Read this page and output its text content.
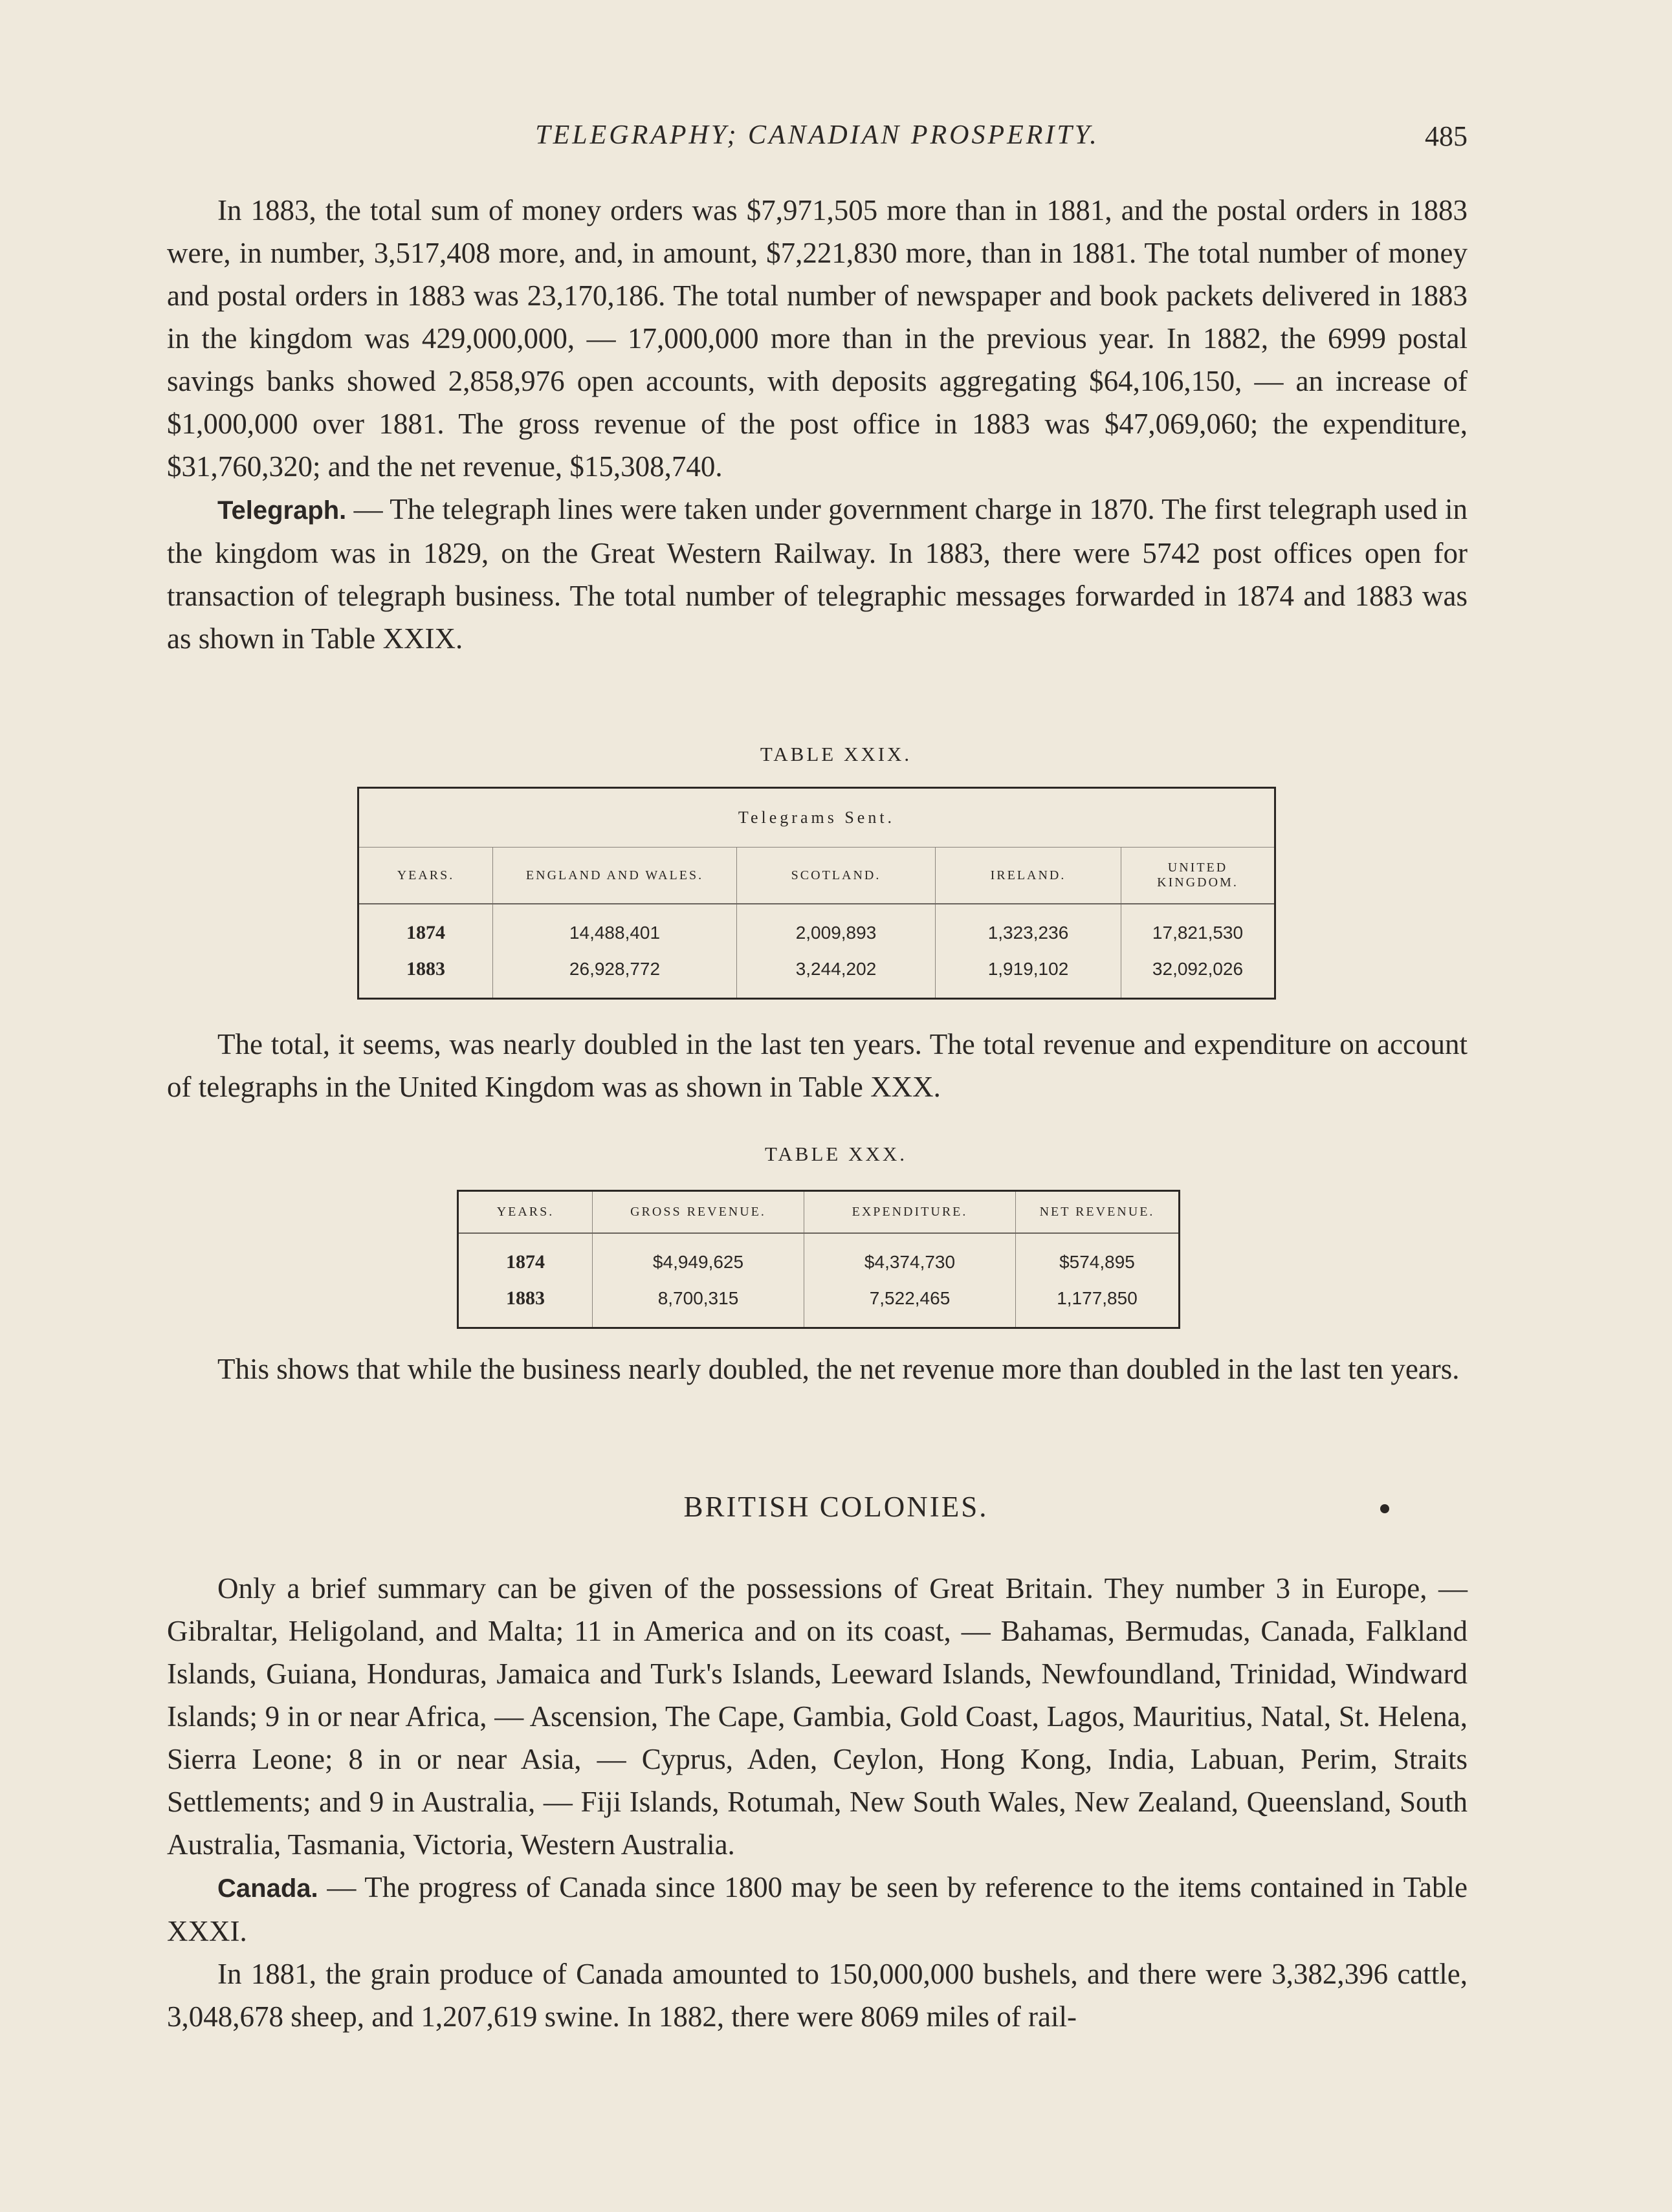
TELEGRAPHY; CANADIAN PROSPERITY.	485

In 1883, the total sum of money orders was $7,971,505 more than in 1881, and the postal orders in 1883 were, in number, 3,517,408 more, and, in amount, $7,221,830 more, than in 1881. The total number of money and postal orders in 1883 was 23,170,186. The total number of newspaper and book packets delivered in 1883 in the kingdom was 429,000,000, — 17,000,000 more than in the previous year. In 1882, the 6999 postal savings banks showed 2,858,976 open accounts, with deposits aggregating $64,106,150, — an increase of $1,000,000 over 1881. The gross revenue of the post office in 1883 was $47,069,060; the expenditure, $31,760,320; and the net revenue, $15,308,740.

Telegraph. — The telegraph lines were taken under government charge in 1870. The first telegraph used in the kingdom was in 1829, on the Great Western Railway. In 1883, there were 5742 post offices open for transaction of telegraph business. The total number of telegraphic messages forwarded in 1874 and 1883 was as shown in Table XXIX.

TABLE XXIX.
Telegrams Sent.				
YEARS.	ENGLAND AND WALES.	SCOTLAND.	IRELAND.	UNITED KINGDOM.
1874	14,488,401	2,009,893	1,323,236	17,821,530
1883	26,928,772	3,244,202	1,919,102	32,092,026

The total, it seems, was nearly doubled in the last ten years. The total revenue and expenditure on account of telegraphs in the United Kingdom was as shown in Table XXX.

TABLE XXX.
YEARS.	GROSS REVENUE.	EXPENDITURE.	NET REVENUE.
1874	$4,949,625	$4,374,730	$574,895
1883	8,700,315	7,522,465	1,177,850

This shows that while the business nearly doubled, the net revenue more than doubled in the last ten years.

BRITISH COLONIES.

Only a brief summary can be given of the possessions of Great Britain. They number 3 in Europe, — Gibraltar, Heligoland, and Malta; 11 in America and on its coast, — Bahamas, Bermudas, Canada, Falkland Islands, Guiana, Honduras, Jamaica and Turk's Islands, Leeward Islands, Newfoundland, Trinidad, Windward Islands; 9 in or near Africa, — Ascension, The Cape, Gambia, Gold Coast, Lagos, Mauritius, Natal, St. Helena, Sierra Leone; 8 in or near Asia, — Cyprus, Aden, Ceylon, Hong Kong, India, Labuan, Perim, Straits Settlements; and 9 in Australia, — Fiji Islands, Rotumah, New South Wales, New Zealand, Queensland, South Australia, Tasmania, Victoria, Western Australia.

Canada. — The progress of Canada since 1800 may be seen by reference to the items contained in Table XXXI.

In 1881, the grain produce of Canada amounted to 150,000,000 bushels, and there were 3,382,396 cattle, 3,048,678 sheep, and 1,207,619 swine. In 1882, there were 8069 miles of rail-
